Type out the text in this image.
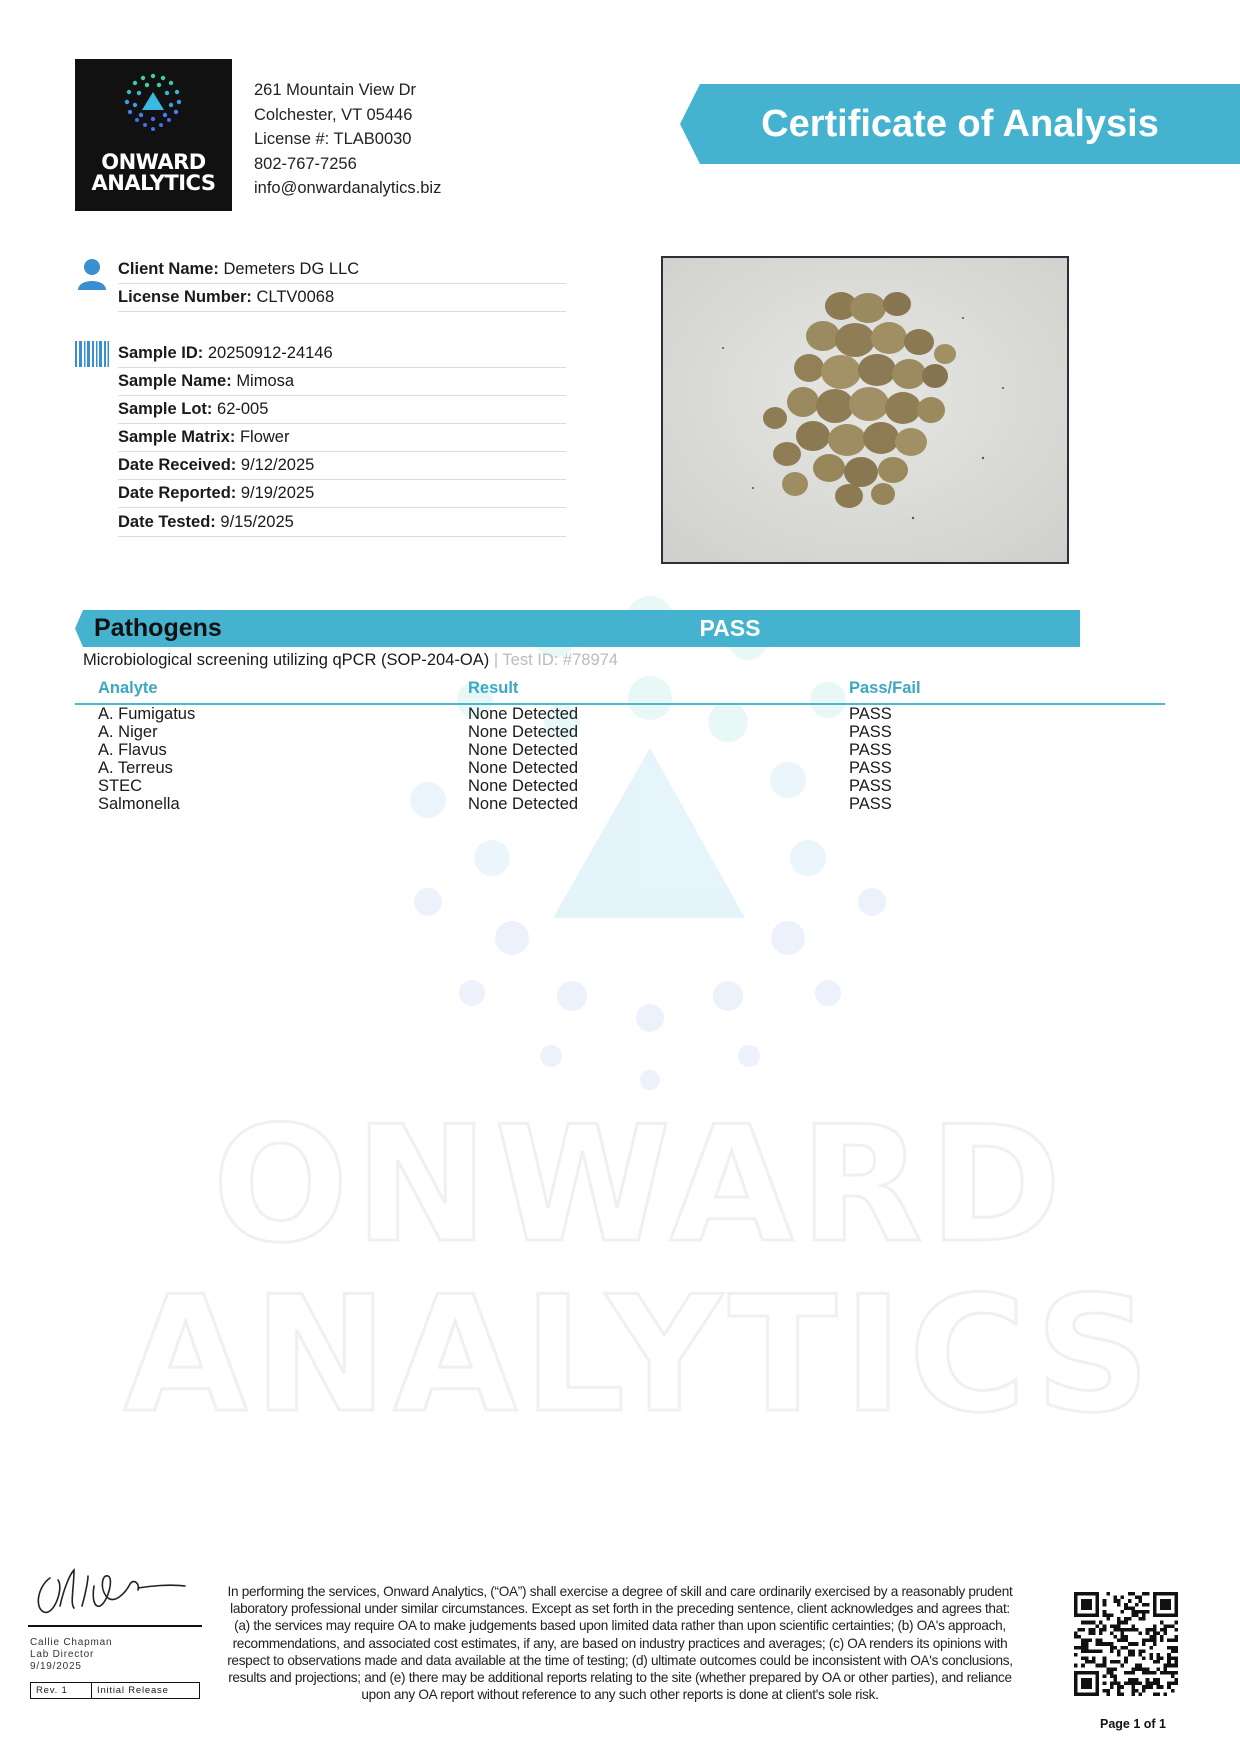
ONWARD
ANALYTICS
ONWARD
ANALYTICS
261 Mountain View Dr
Colchester, VT 05446
License #: TLAB0030
802-767-7256
info@onwardanalytics.biz
Certificate of Analysis
Client Name: Demeters DG LLC
License Number: CLTV0068
Sample ID: 20250912-24146
Sample Name: Mimosa
Sample Lot: 62-005
Sample Matrix: Flower
Date Received: 9/12/2025
Date Reported: 9/19/2025
Date Tested: 9/15/2025
Pathogens	PASS
Microbiological screening utilizing qPCR (SOP-204-OA) | Test ID: #78974
Analyte	Result	Pass/Fail
A. Fumigatus	None Detected	PASS
A. Niger	None Detected	PASS
A. Flavus	None Detected	PASS
A. Terreus	None Detected	PASS
STEC	None Detected	PASS
Salmonella	None Detected	PASS
Callie Chapman
Lab Director
9/19/2025
Rev. 1	Initial Release
In performing the services, Onward Analytics, (“OA”) shall exercise a degree of skill and care ordinarily exercised by a reasonably prudent laboratory professional under similar circumstances. Except as set forth in the preceding sentence, client acknowledges and agrees that: (a) the services may require OA to make judgements based upon limited data rather than upon scientific certainties; (b) OA's approach, recommendations, and associated cost estimates, if any, are based on industry practices and averages; (c) OA renders its opinions with respect to observations made and data available at the time of testing; (d) ultimate outcomes could be inconsistent with OA's conclusions, results and projections; and (e) there may be additional reports relating to the site (whether prepared by OA or other parties), and reliance upon any OA report without reference to any such other reports is done at client's sole risk.
Page 1 of 1
